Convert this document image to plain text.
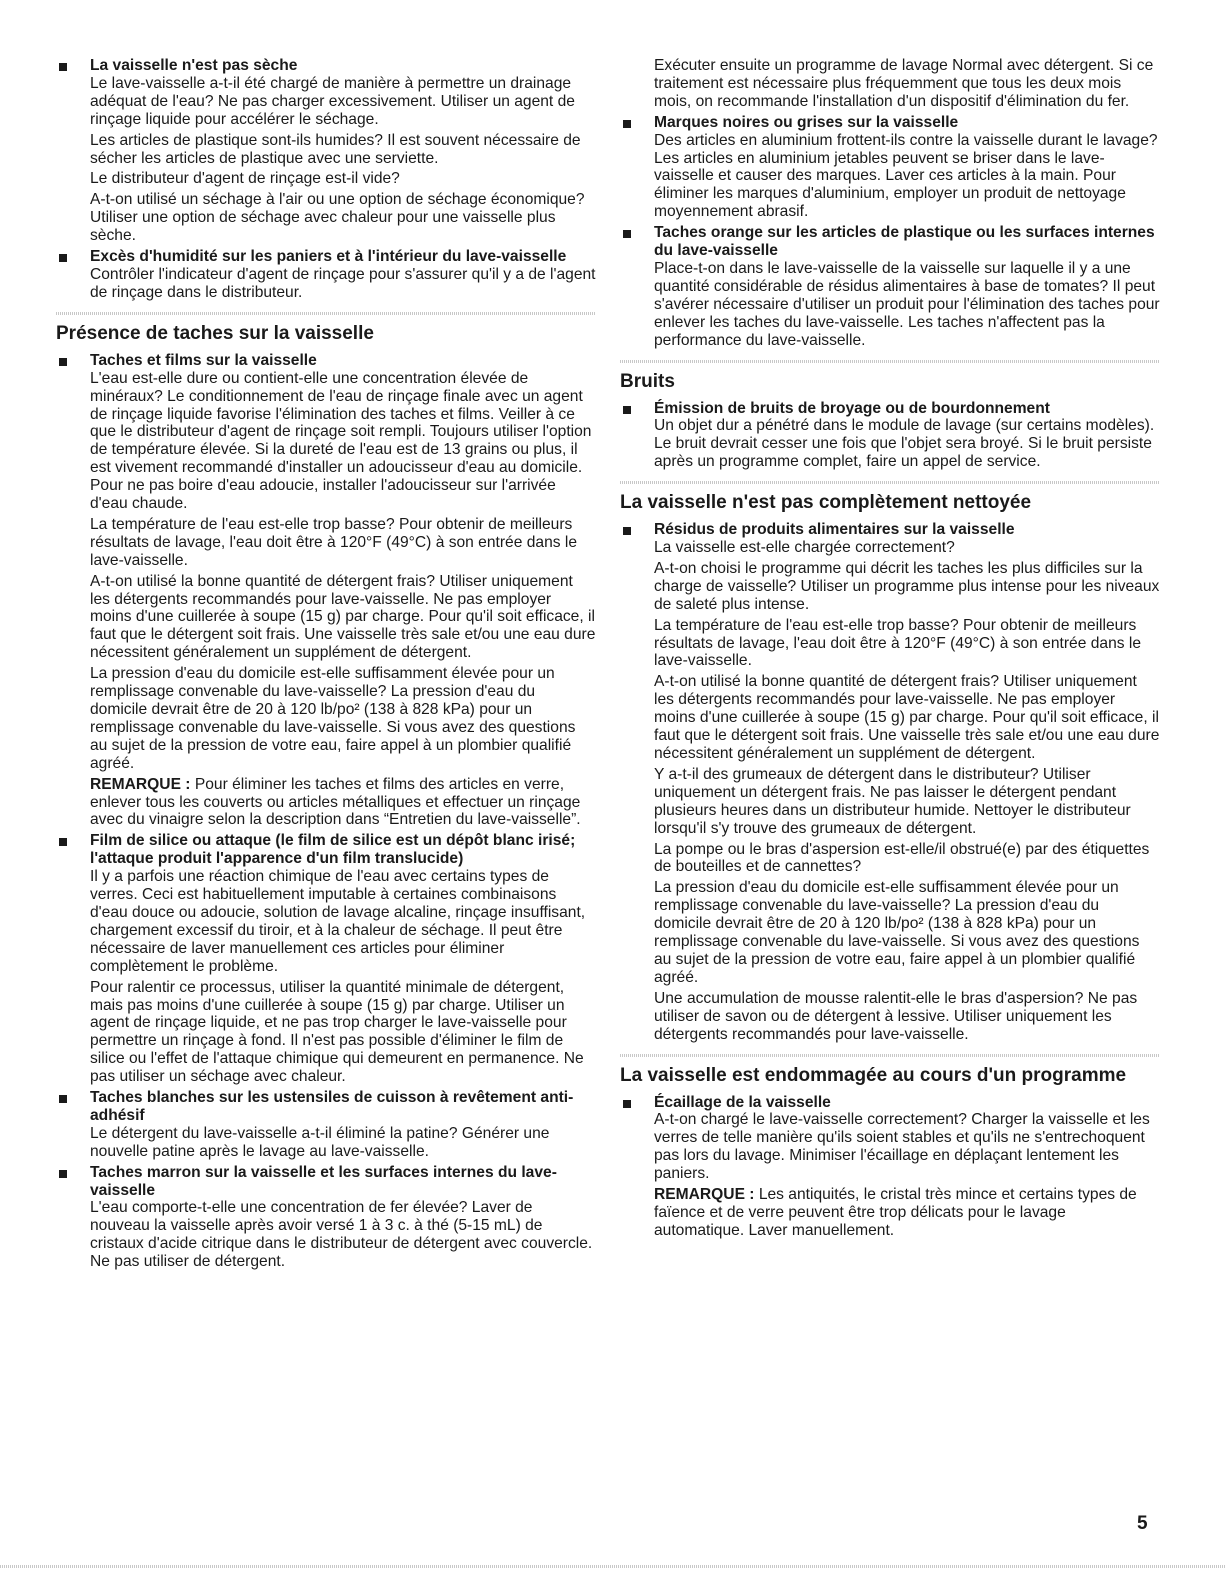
La vaisselle n'est pas sèche

Le lave-vaisselle a-t-il été chargé de manière à permettre un drainage adéquat de l'eau? Ne pas charger excessivement. Utiliser un agent de rinçage liquide pour accélérer le séchage.

Les articles de plastique sont-ils humides? Il est souvent nécessaire de sécher les articles de plastique avec une serviette.

Le distributeur d'agent de rinçage est-il vide?

A-t-on utilisé un séchage à l'air ou une option de séchage économique? Utiliser une option de séchage avec chaleur pour une vaisselle plus sèche.

Excès d'humidité sur les paniers et à l'intérieur du lave-vaisselle

Contrôler l'indicateur d'agent de rinçage pour s'assurer qu'il y a de l'agent de rinçage dans le distributeur.

Présence de taches sur la vaisselle

Taches et films sur la vaisselle

L'eau est-elle dure ou contient-elle une concentration élevée de minéraux? Le conditionnement de l'eau de rinçage finale avec un agent de rinçage liquide favorise l'élimination des taches et films. Veiller à ce que le distributeur d'agent de rinçage soit rempli. Toujours utiliser l'option de température élevée. Si la dureté de l'eau est de 13 grains ou plus, il est vivement recommandé d'installer un adoucisseur d'eau au domicile. Pour ne pas boire d'eau adoucie, installer l'adoucisseur sur l'arrivée d'eau chaude.

La température de l'eau est-elle trop basse? Pour obtenir de meilleurs résultats de lavage, l'eau doit être à 120°F (49°C) à son entrée dans le lave-vaisselle.

A-t-on utilisé la bonne quantité de détergent frais? Utiliser uniquement les détergents recommandés pour lave-vaisselle. Ne pas employer moins d'une cuillerée à soupe (15 g) par charge. Pour qu'il soit efficace, il faut que le détergent soit frais. Une vaisselle très sale et/ou une eau dure nécessitent généralement un supplément de détergent.

La pression d'eau du domicile est-elle suffisamment élevée pour un remplissage convenable du lave-vaisselle? La pression d'eau du domicile devrait être de 20 à 120 lb/po² (138 à 828 kPa) pour un remplissage convenable du lave-vaisselle. Si vous avez des questions au sujet de la pression de votre eau, faire appel à un plombier qualifié agréé.

REMARQUE : Pour éliminer les taches et films des articles en verre, enlever tous les couverts ou articles métalliques et effectuer un rinçage avec du vinaigre selon la description dans “Entretien du lave-vaisselle”.

Film de silice ou attaque (le film de silice est un dépôt blanc irisé; l'attaque produit l'apparence d'un film translucide)

Il y a parfois une réaction chimique de l'eau avec certains types de verres. Ceci est habituellement imputable à certaines combinaisons d'eau douce ou adoucie, solution de lavage alcaline, rinçage insuffisant, chargement excessif du tiroir, et à la chaleur de séchage. Il peut être nécessaire de laver manuellement ces articles pour éliminer complètement le problème.

Pour ralentir ce processus, utiliser la quantité minimale de détergent, mais pas moins d'une cuillerée à soupe (15 g) par charge. Utiliser un agent de rinçage liquide, et ne pas trop charger le lave-vaisselle pour permettre un rinçage à fond. Il n'est pas possible d'éliminer le film de silice ou l'effet de l'attaque chimique qui demeurent en permanence. Ne pas utiliser un séchage avec chaleur.

Taches blanches sur les ustensiles de cuisson à revêtement anti-adhésif

Le détergent du lave-vaisselle a-t-il éliminé la patine? Générer une nouvelle patine après le lavage au lave-vaisselle.

Taches marron sur la vaisselle et les surfaces internes du lave-vaisselle

L'eau comporte-t-elle une concentration de fer élevée? Laver de nouveau la vaisselle après avoir versé 1 à 3 c. à thé (5-15 mL) de cristaux d'acide citrique dans le distributeur de détergent avec couvercle. Ne pas utiliser de détergent.

Exécuter ensuite un programme de lavage Normal avec détergent. Si ce traitement est nécessaire plus fréquemment que tous les deux mois mois, on recommande l'installation d'un dispositif d'élimination du fer.

Marques noires ou grises sur la vaisselle

Des articles en aluminium frottent-ils contre la vaisselle durant le lavage? Les articles en aluminium jetables peuvent se briser dans le lave-vaisselle et causer des marques. Laver ces articles à la main. Pour éliminer les marques d'aluminium, employer un produit de nettoyage moyennement abrasif.

Taches orange sur les articles de plastique ou les surfaces internes du lave-vaisselle

Place-t-on dans le lave-vaisselle de la vaisselle sur laquelle il y a une quantité considérable de résidus alimentaires à base de tomates? Il peut s'avérer nécessaire d'utiliser un produit pour l'élimination des taches pour enlever les taches du lave-vaisselle. Les taches n'affectent pas la performance du lave-vaisselle.

Bruits

Émission de bruits de broyage ou de bourdonnement

Un objet dur a pénétré dans le module de lavage (sur certains modèles). Le bruit devrait cesser une fois que l'objet sera broyé. Si le bruit persiste après un programme complet, faire un appel de service.

La vaisselle n'est pas complètement nettoyée

Résidus de produits alimentaires sur la vaisselle

La vaisselle est-elle chargée correctement?

A-t-on choisi le programme qui décrit les taches les plus difficiles sur la charge de vaisselle? Utiliser un programme plus intense pour les niveaux de saleté plus intense.

La température de l'eau est-elle trop basse? Pour obtenir de meilleurs résultats de lavage, l'eau doit être à 120°F (49°C) à son entrée dans le lave-vaisselle.

A-t-on utilisé la bonne quantité de détergent frais? Utiliser uniquement les détergents recommandés pour lave-vaisselle. Ne pas employer moins d'une cuillerée à soupe (15 g) par charge. Pour qu'il soit efficace, il faut que le détergent soit frais. Une vaisselle très sale et/ou une eau dure nécessitent généralement un supplément de détergent.

Y a-t-il des grumeaux de détergent dans le distributeur? Utiliser uniquement un détergent frais. Ne pas laisser le détergent pendant plusieurs heures dans un distributeur humide. Nettoyer le distributeur lorsqu'il s'y trouve des grumeaux de détergent.

La pompe ou le bras d'aspersion est-elle/il obstrué(e) par des étiquettes de bouteilles et de cannettes?

La pression d'eau du domicile est-elle suffisamment élevée pour un remplissage convenable du lave-vaisselle? La pression d'eau du domicile devrait être de 20 à 120 lb/po² (138 à 828 kPa) pour un remplissage convenable du lave-vaisselle. Si vous avez des questions au sujet de la pression de votre eau, faire appel à un plombier qualifié agréé.

Une accumulation de mousse ralentit-elle le bras d'aspersion? Ne pas utiliser de savon ou de détergent à lessive. Utiliser uniquement les détergents recommandés pour lave-vaisselle.

La vaisselle est endommagée au cours d'un programme

Écaillage de la vaisselle

A-t-on chargé le lave-vaisselle correctement? Charger la vaisselle et les verres de telle manière qu'ils soient stables et qu'ils ne s'entrechoquent pas lors du lavage. Minimiser l'écaillage en déplaçant lentement les paniers.

REMARQUE : Les antiquités, le cristal très mince et certains types de faïence et de verre peuvent être trop délicats pour le lavage automatique. Laver manuellement.

5
